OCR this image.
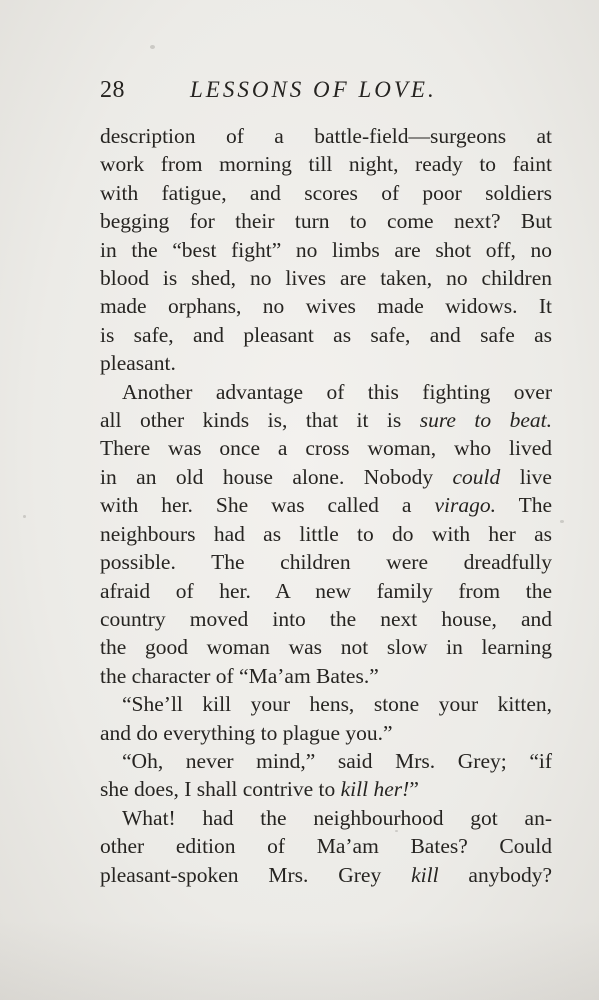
28	LESSONS OF LOVE.
description of a battle-field—surgeons at
work from morning till night, ready to faint
with fatigue, and scores of poor soldiers
begging for their turn to come next? But
in the “best fight” no limbs are shot off, no
blood is shed, no lives are taken, no children
made orphans, no wives made widows. It
is safe, and pleasant as safe, and safe as
pleasant.
Another advantage of this fighting over
all other kinds is, that it is sure to beat.
There was once a cross woman, who lived
in an old house alone. Nobody could live
with her. She was called a virago. The
neighbours had as little to do with her as
possible. The children were dreadfully
afraid of her. A new family from the
country moved into the next house, and
the good woman was not slow in learning
the character of “Ma’am Bates.”
“She’ll kill your hens, stone your kitten,
and do everything to plague you.”
“Oh, never mind,” said Mrs. Grey; “if
she does, I shall contrive to kill her!”
What! had the neighbourhood got an-
other edition of Ma’am Bates? Could
pleasant-spoken Mrs. Grey kill anybody?
